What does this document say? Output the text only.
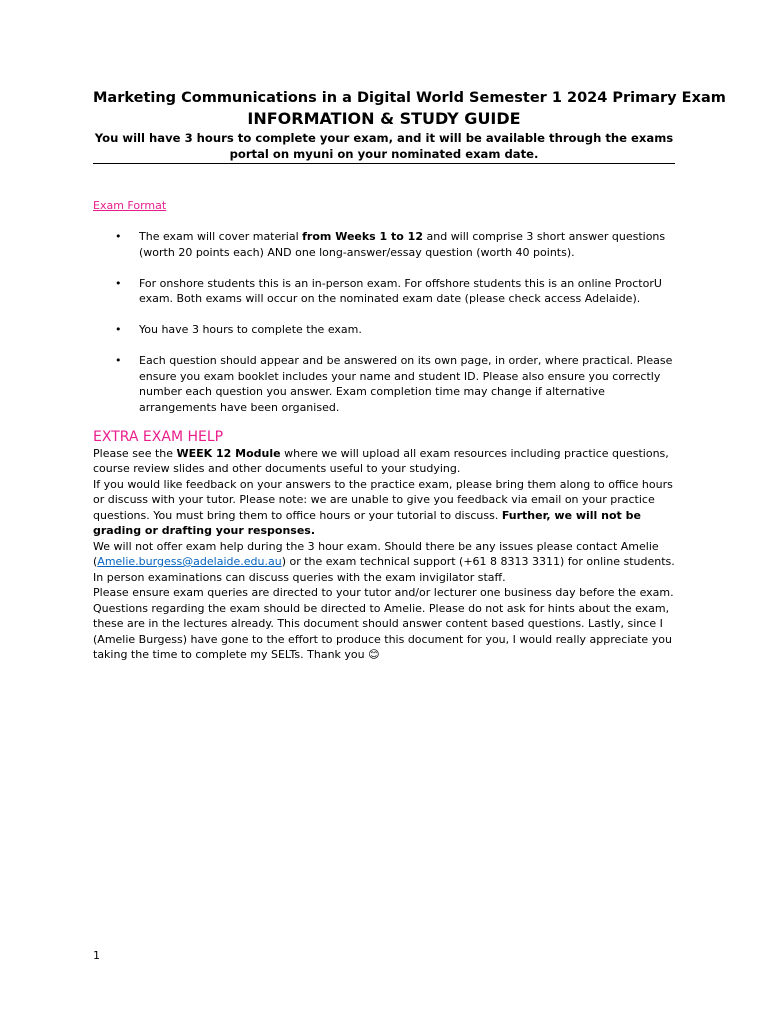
Marketing Communications in a Digital World Semester 1 2024 Primary Exam
INFORMATION & STUDY GUIDE
You will have 3 hours to complete your exam, and it will be available through the exams portal on myuni on your nominated exam date.
Exam Format
• The exam will cover material from Weeks 1 to 12 and will comprise 3 short answer questions (worth 20 points each) AND one long-answer/essay question (worth 40 points).
• For onshore students this is an in-person exam. For offshore students this is an online ProctorU exam. Both exams will occur on the nominated exam date (please check access Adelaide).
• You have 3 hours to complete the exam.
• Each question should appear and be answered on its own page, in order, where practical. Please ensure you exam booklet includes your name and student ID. Please also ensure you correctly number each question you answer. Exam completion time may change if alternative arrangements have been organised.
EXTRA EXAM HELP
Please see the WEEK 12 Module where we will upload all exam resources including practice questions, course review slides and other documents useful to your studying.
If you would like feedback on your answers to the practice exam, please bring them along to office hours or discuss with your tutor. Please note: we are unable to give you feedback via email on your practice questions. You must bring them to office hours or your tutorial to discuss. Further, we will not be grading or drafting your responses.
We will not offer exam help during the 3 hour exam. Should there be any issues please contact Amelie (Amelie.burgess@adelaide.edu.au) or the exam technical support (+61 8 8313 3311) for online students.
In person examinations can discuss queries with the exam invigilator staff.
Please ensure exam queries are directed to your tutor and/or lecturer one business day before the exam. Questions regarding the exam should be directed to Amelie. Please do not ask for hints about the exam, these are in the lectures already. This document should answer content based questions. Lastly, since I (Amelie Burgess) have gone to the effort to produce this document for you, I would really appreciate you taking the time to complete my SELTs. Thank you 😊
1
